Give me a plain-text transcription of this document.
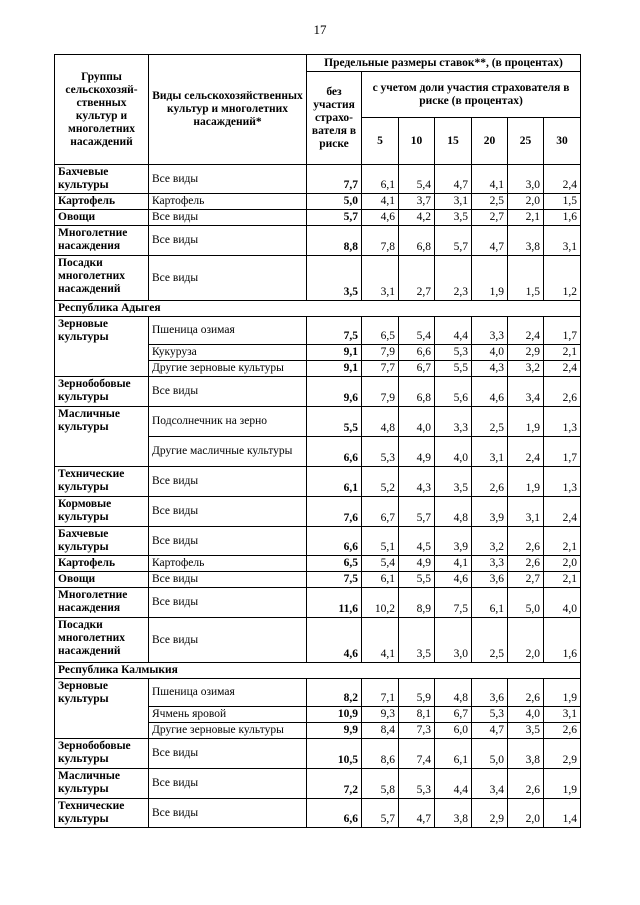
17
Группы сельскохозяй-ственных культур и многолетних насаждений	Виды сельскохозяйственных культур и многолетних насаждений*	Предельные размеры ставок**, (в процентах)						
		без участия страхо-вателя в риске	с учетом доли участия страхователя в риске (в процентах)					
			5	10	15	20	25	30
Бахчевые культуры	Все виды	7,7	6,1	5,4	4,7	4,1	3,0	2,4
Картофель	Картофель	5,0	4,1	3,7	3,1	2,5	2,0	1,5
Овощи	Все виды	5,7	4,6	4,2	3,5	2,7	2,1	1,6
Многолетние насаждения	Все виды	8,8	7,8	6,8	5,7	4,7	3,8	3,1
Посадки многолетних насаждений	Все виды	3,5	3,1	2,7	2,3	1,9	1,5	1,2
Республика Адыгея								
Зерновые культуры	Пшеница озимая	7,5	6,5	5,4	4,4	3,3	2,4	1,7
	Кукуруза	9,1	7,9	6,6	5,3	4,0	2,9	2,1
	Другие зерновые культуры	9,1	7,7	6,7	5,5	4,3	3,2	2,4
Зернобобовые культуры	Все виды	9,6	7,9	6,8	5,6	4,6	3,4	2,6
Масличные культуры	Подсолнечник на зерно	5,5	4,8	4,0	3,3	2,5	1,9	1,3
	Другие масличные культуры	6,6	5,3	4,9	4,0	3,1	2,4	1,7
Технические культуры	Все виды	6,1	5,2	4,3	3,5	2,6	1,9	1,3
Кормовые культуры	Все виды	7,6	6,7	5,7	4,8	3,9	3,1	2,4
Бахчевые культуры	Все виды	6,6	5,1	4,5	3,9	3,2	2,6	2,1
Картофель	Картофель	6,5	5,4	4,9	4,1	3,3	2,6	2,0
Овощи	Все виды	7,5	6,1	5,5	4,6	3,6	2,7	2,1
Многолетние насаждения	Все виды	11,6	10,2	8,9	7,5	6,1	5,0	4,0
Посадки многолетних насаждений	Все виды	4,6	4,1	3,5	3,0	2,5	2,0	1,6
Республика Калмыкия								
Зерновые культуры	Пшеница озимая	8,2	7,1	5,9	4,8	3,6	2,6	1,9
	Ячмень яровой	10,9	9,3	8,1	6,7	5,3	4,0	3,1
	Другие зерновые культуры	9,9	8,4	7,3	6,0	4,7	3,5	2,6
Зернобобовые культуры	Все виды	10,5	8,6	7,4	6,1	5,0	3,8	2,9
Масличные культуры	Все виды	7,2	5,8	5,3	4,4	3,4	2,6	1,9
Технические культуры	Все виды	6,6	5,7	4,7	3,8	2,9	2,0	1,4
